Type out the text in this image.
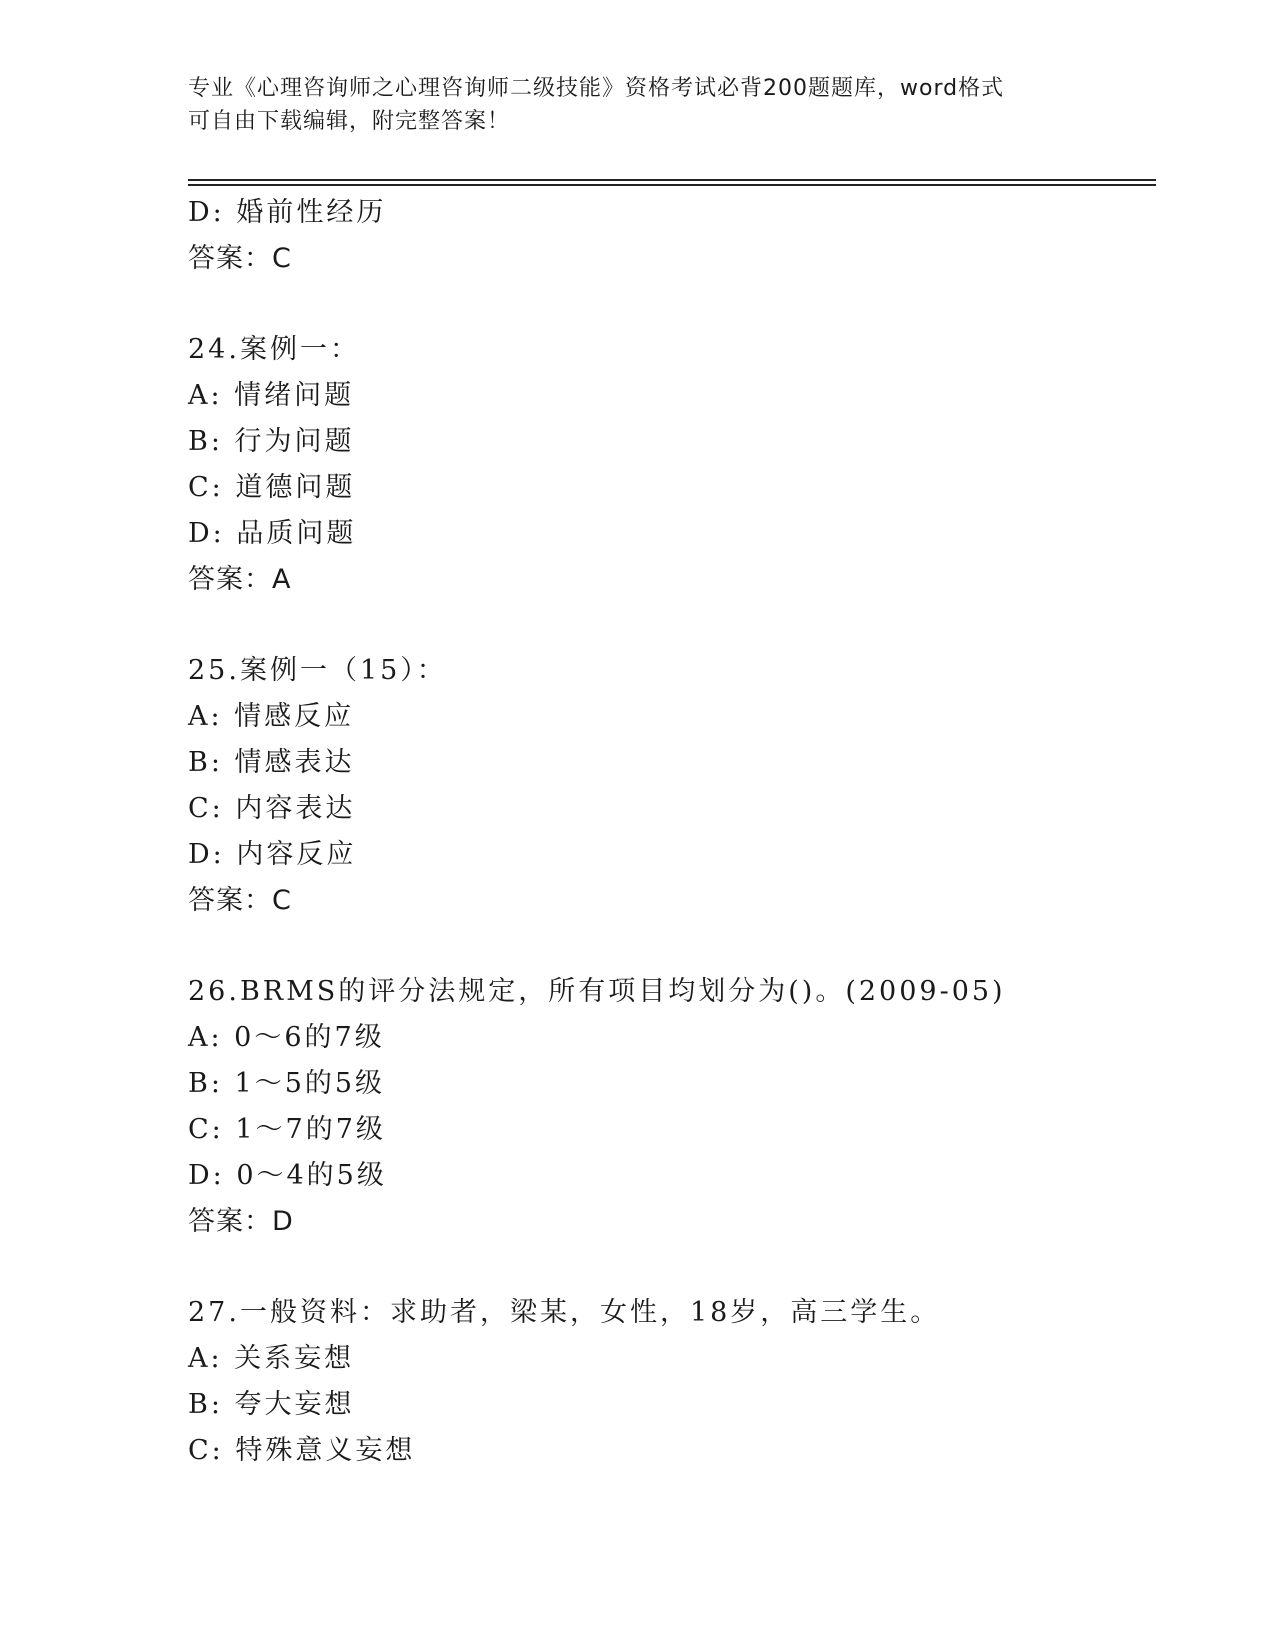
专业《心理咨询师之心理咨询师二级技能》资格考试必背200题题库，word格式
可自由下载编辑，附完整答案！
D: 婚前性经历
答案：C
24.案例一：
A: 情绪问题
B: 行为问题
C: 道德问题
D: 品质问题
答案：A
25.案例一（15）：
A: 情感反应
B: 情感表达
C: 内容表达
D: 内容反应
答案：C
26.BRMS的评分法规定，所有项目均划分为()。(2009-05)
A: 0～6的7级
B: 1～5的5级
C: 1～7的7级
D: 0～4的5级
答案：D
27.一般资料：求助者，梁某，女性，18岁，高三学生。
A: 关系妄想
B: 夸大妄想
C: 特殊意义妄想
